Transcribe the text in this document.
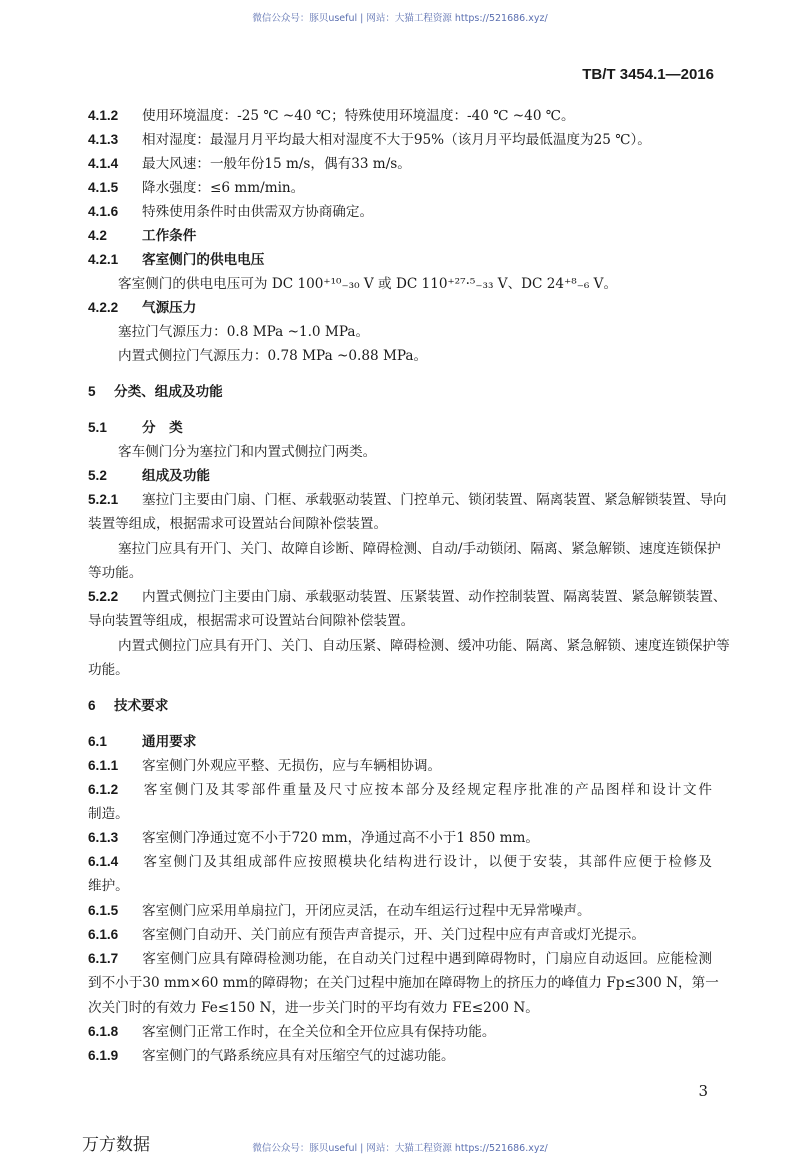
微信公众号：豚贝useful | 网站：大猫工程资源 https://521686.xyz/
TB/T 3454.1—2016
4.1.2 使用环境温度：-25 ℃ ~40 ℃；特殊使用环境温度：-40 ℃ ~40 ℃。
4.1.3 相对湿度：最湿月月平均最大相对湿度不大于95%（该月月平均最低温度为25 ℃）。
4.1.4 最大风速：一般年份15 m/s，偶有33 m/s。
4.1.5 降水强度：≤6 mm/min。
4.1.6 特殊使用条件时由供需双方协商确定。
4.2	工作条件
4.2.1 客室侧门的供电电压
客室侧门的供电电压可为 DC 100⁺¹⁰₋₃₀ V 或 DC 110⁺²⁷·⁵₋₃₃ V、DC 24⁺⁸₋₆ V。
4.2.2 气源压力
塞拉门气源压力：0.8 MPa ~1.0 MPa。
内置式侧拉门气源压力：0.78 MPa ~0.88 MPa。
5 分类、组成及功能
5.1	分　类
客车侧门分为塞拉门和内置式侧拉门两类。
5.2	组成及功能
5.2.1 塞拉门主要由门扇、门框、承载驱动装置、门控单元、锁闭装置、隔离装置、紧急解锁装置、导向
装置等组成，根据需求可设置站台间隙补偿装置。
塞拉门应具有开门、关门、故障自诊断、障碍检测、自动/手动锁闭、隔离、紧急解锁、速度连锁保护
等功能。
5.2.2 内置式侧拉门主要由门扇、承载驱动装置、压紧装置、动作控制装置、隔离装置、紧急解锁装置、
导向装置等组成，根据需求可设置站台间隙补偿装置。
内置式侧拉门应具有开门、关门、自动压紧、障碍检测、缓冲功能、隔离、紧急解锁、速度连锁保护等
功能。
6 技术要求
6.1	通用要求
6.1.1 客室侧门外观应平整、无损伤，应与车辆相协调。
6.1.2 客室侧门及其零部件重量及尺寸应按本部分及经规定程序批准的产品图样和设计文件
制造。
6.1.3 客室侧门净通过宽不小于720 mm，净通过高不小于1 850 mm。
6.1.4 客室侧门及其组成部件应按照模块化结构进行设计，以便于安装，其部件应便于检修及
维护。
6.1.5 客室侧门应采用单扇拉门，开闭应灵活，在动车组运行过程中无异常噪声。
6.1.6 客室侧门自动开、关门前应有预告声音提示，开、关门过程中应有声音或灯光提示。
6.1.7 客室侧门应具有障碍检测功能，在自动关门过程中遇到障碍物时，门扇应自动返回。应能检测
到不小于30 mm×60 mm的障碍物；在关门过程中施加在障碍物上的挤压力的峰值力 Fp≤300 N，第一
次关门时的有效力 Fe≤150 N，进一步关门时的平均有效力 FE≤200 N。
6.1.8 客室侧门正常工作时，在全关位和全开位应具有保持功能。
6.1.9 客室侧门的气路系统应具有对压缩空气的过滤功能。
3
万方数据	微信公众号：豚贝useful | 网站：大猫工程资源 https://521686.xyz/
